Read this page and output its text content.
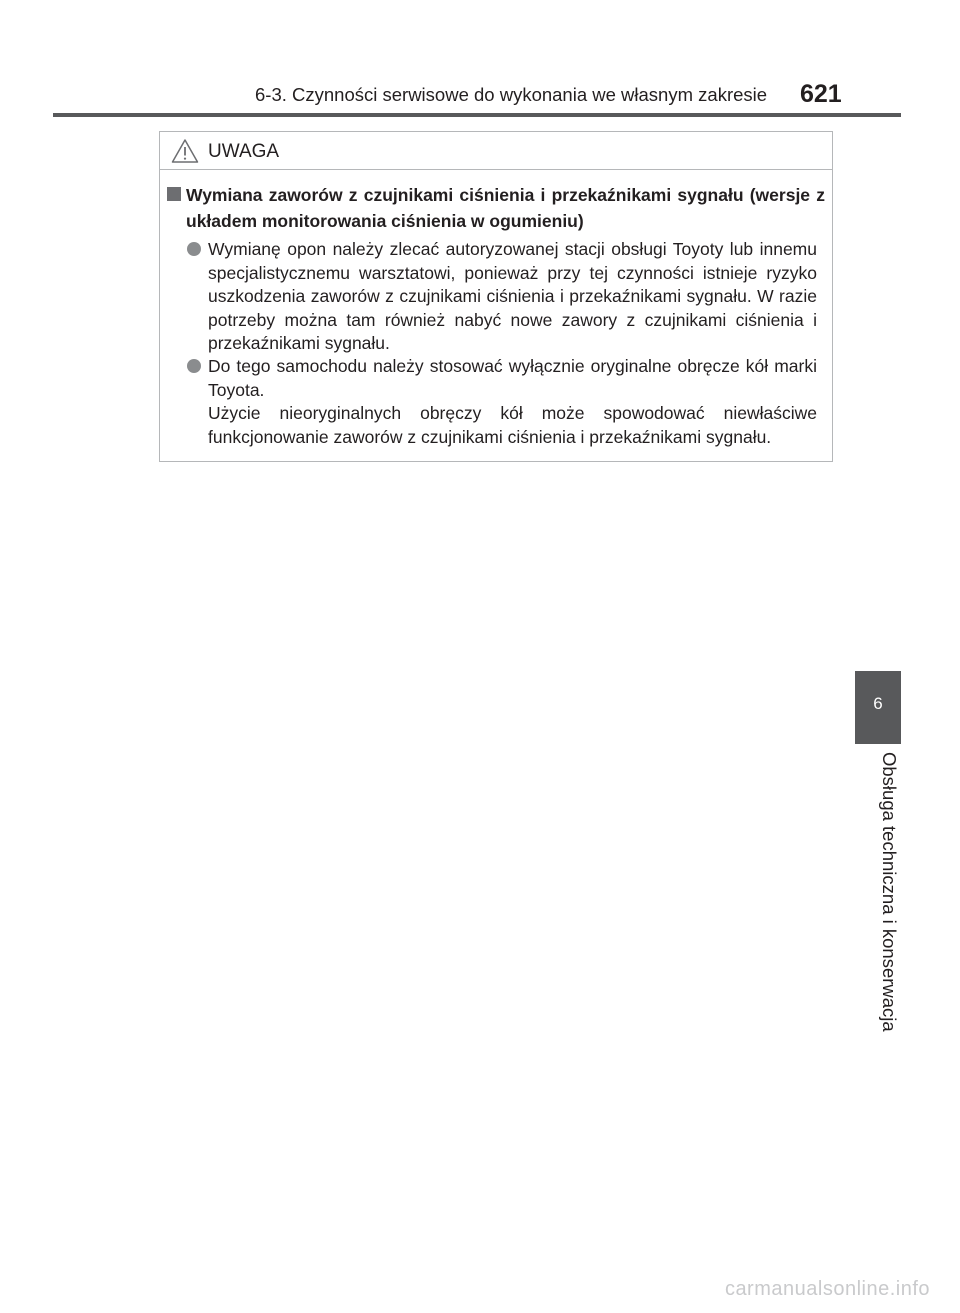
6-3. Czynności serwisowe do wykonania we własnym zakresie 621
UWAGA
Wymiana zaworów z czujnikami ciśnienia i przekaźnikami sygnału (wersje z układem monitorowania ciśnienia w ogumieniu)

Wymianę opon należy zlecać autoryzowanej stacji obsługi Toyoty lub innemu specjalistycznemu warsztatowi, ponieważ przy tej czynności istnieje ryzyko uszkodzenia zaworów z czujnikami ciśnienia i przekaźnikami sygnału. W razie potrzeby można tam również nabyć nowe zawory z czujnikami ciśnienia i przekaźnikami sygnału.

Do tego samochodu należy stosować wyłącznie oryginalne obręcze kół marki Toyota.

Użycie nieoryginalnych obręczy kół może spowodować niewłaściwe funkcjonowanie zaworów z czujnikami ciśnienia i przekaźnikami sygnału.

6
Obsługa techniczna i konserwacja
carmanualsonline.info
